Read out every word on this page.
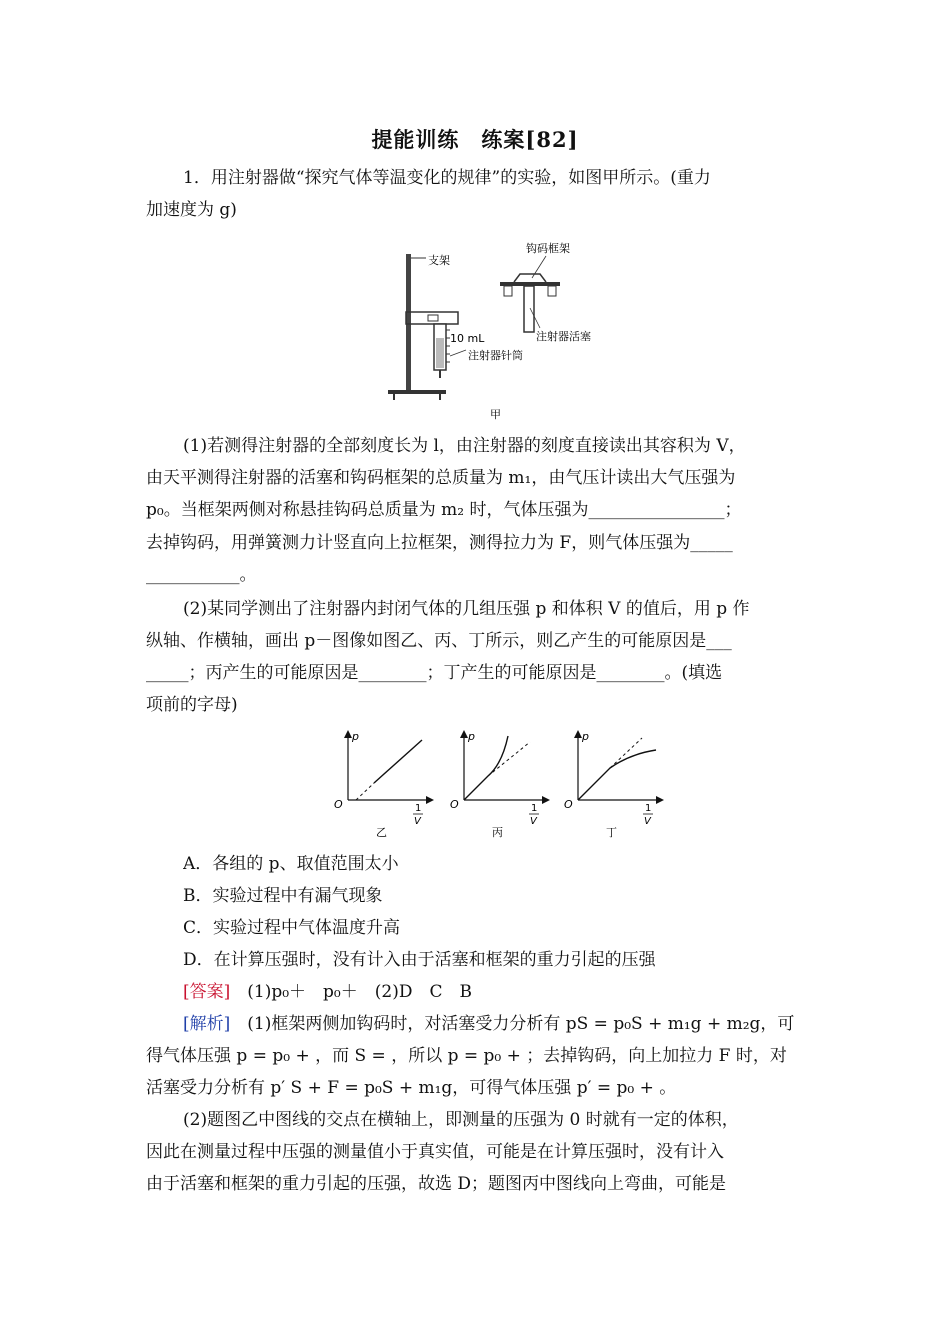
提能训练　练案[82]
1．用注射器做“探究气体等温变化的规律”的实验，如图甲所示。(重力
加速度为 g)
10 mL
注射器针筒
支架
钩码框架
注射器活塞
甲
(1)若测得注射器的全部刻度长为 l，由注射器的刻度直接读出其容积为 V，
由天平测得注射器的活塞和钩码框架的总质量为 m₁，由气压计读出大气压强为
p₀。当框架两侧对称悬挂钩码总质量为 m₂ 时，气体压强为________________；
去掉钩码，用弹簧测力计竖直向上拉框架，测得拉力为 F，则气体压强为_____
___________。
(2)某同学测出了注射器内封闭气体的几组压强 p 和体积 V 的值后，用 p 作
纵轴、作横轴，画出 p－图像如图乙、丙、丁所示，则乙产生的可能原因是___
_____；丙产生的可能原因是________；丁产生的可能原因是________。(填选
项前的字母)
p
O	1
V
乙
p
O	1
V
丙
p
O	1
V
丁
A．各组的 p、取值范围太小
B．实验过程中有漏气现象
C．实验过程中气体温度升高
D．在计算压强时，没有计入由于活塞和框架的重力引起的压强
[答案]　(1)p₀＋　p₀＋　(2)D　C　B
[解析]　(1)框架两侧加钩码时，对活塞受力分析有 pS = p₀S + m₁g + m₂g，可
得气体压强 p = p₀ + ，而 S = ，所以 p = p₀ + ；去掉钩码，向上加拉力 F 时，对
活塞受力分析有 p′ S + F = p₀S + m₁g，可得气体压强 p′ = p₀ + 。
(2)题图乙中图线的交点在横轴上，即测量的压强为 0 时就有一定的体积，
因此在测量过程中压强的测量值小于真实值，可能是在计算压强时，没有计入
由于活塞和框架的重力引起的压强，故选 D；题图丙中图线向上弯曲，可能是
